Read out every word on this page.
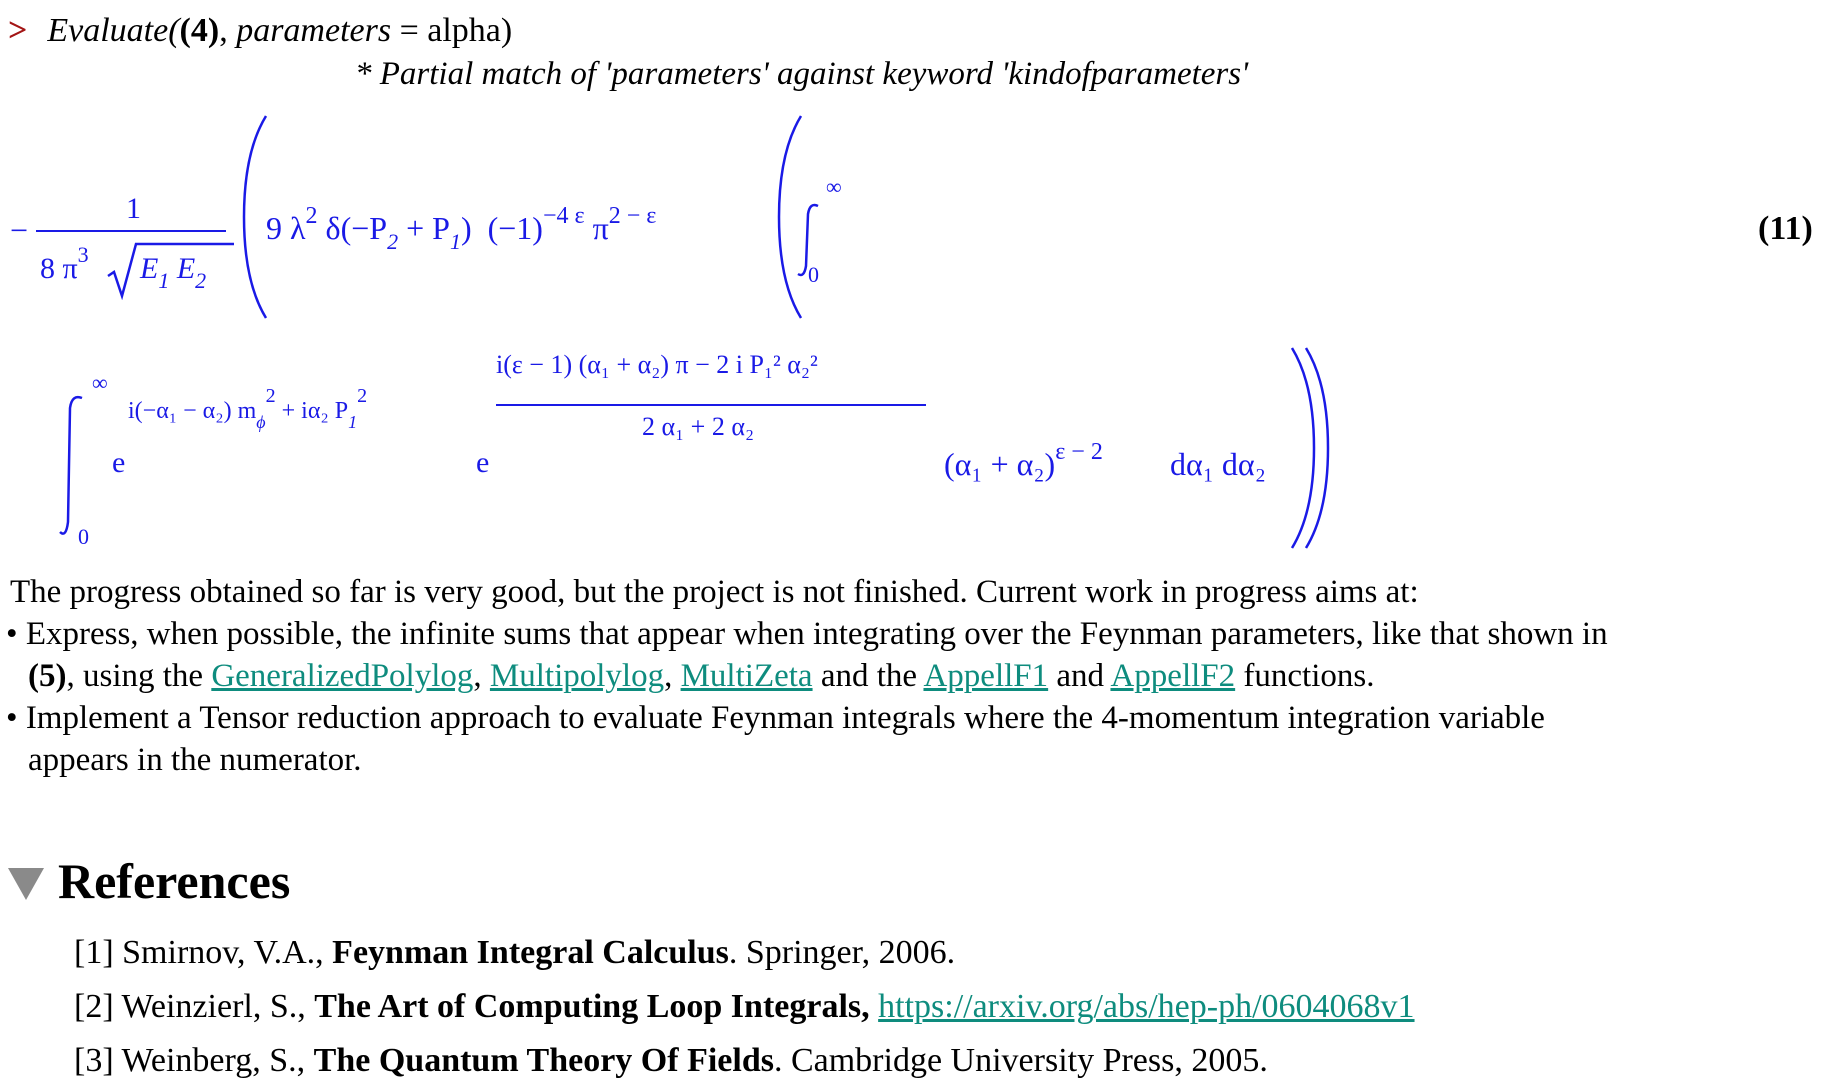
> Evaluate((4), parameters = alpha)
* Partial match of 'parameters' against keyword 'kindofparameters'
(11)
−
1
8 $\pi^3$ $E_1$ $E_2$
9 $\lambda^2$ $\delta(-P_2 + P_1)$ $(-1)^{-4 \varepsilon}$ $\pi^{2 - \varepsilon}$
∞
0
∞
0
e
i(−α₁ − α₂) $m_\phi^2 + i\alpha_2$ $P_1^2$
e
i(ε − 1) (α₁ + α₂) π − 2 i P₁² α₂²
2 α₁ + 2 α₂
$(\alpha_1 + \alpha_2)^{\varepsilon - 2}$ dα₁ dα₂
The progress obtained so far is very good, but the project is not finished. Current work in progress aims at:
• Express, when possible, the infinite sums that appear when integrating over the Feynman parameters, like that shown in
(5), using the GeneralizedPolylog, Multipolylog, MultiZeta and the AppellF1 and AppellF2 functions.
• Implement a Tensor reduction approach to evaluate Feynman integrals where the 4-momentum integration variable
appears in the numerator.
References
[1] Smirnov, V.A., Feynman Integral Calculus. Springer, 2006.
[2] Weinzierl, S., The Art of Computing Loop Integrals, https://arxiv.org/abs/hep-ph/0604068v1
[3] Weinberg, S., The Quantum Theory Of Fields. Cambridge University Press, 2005.
